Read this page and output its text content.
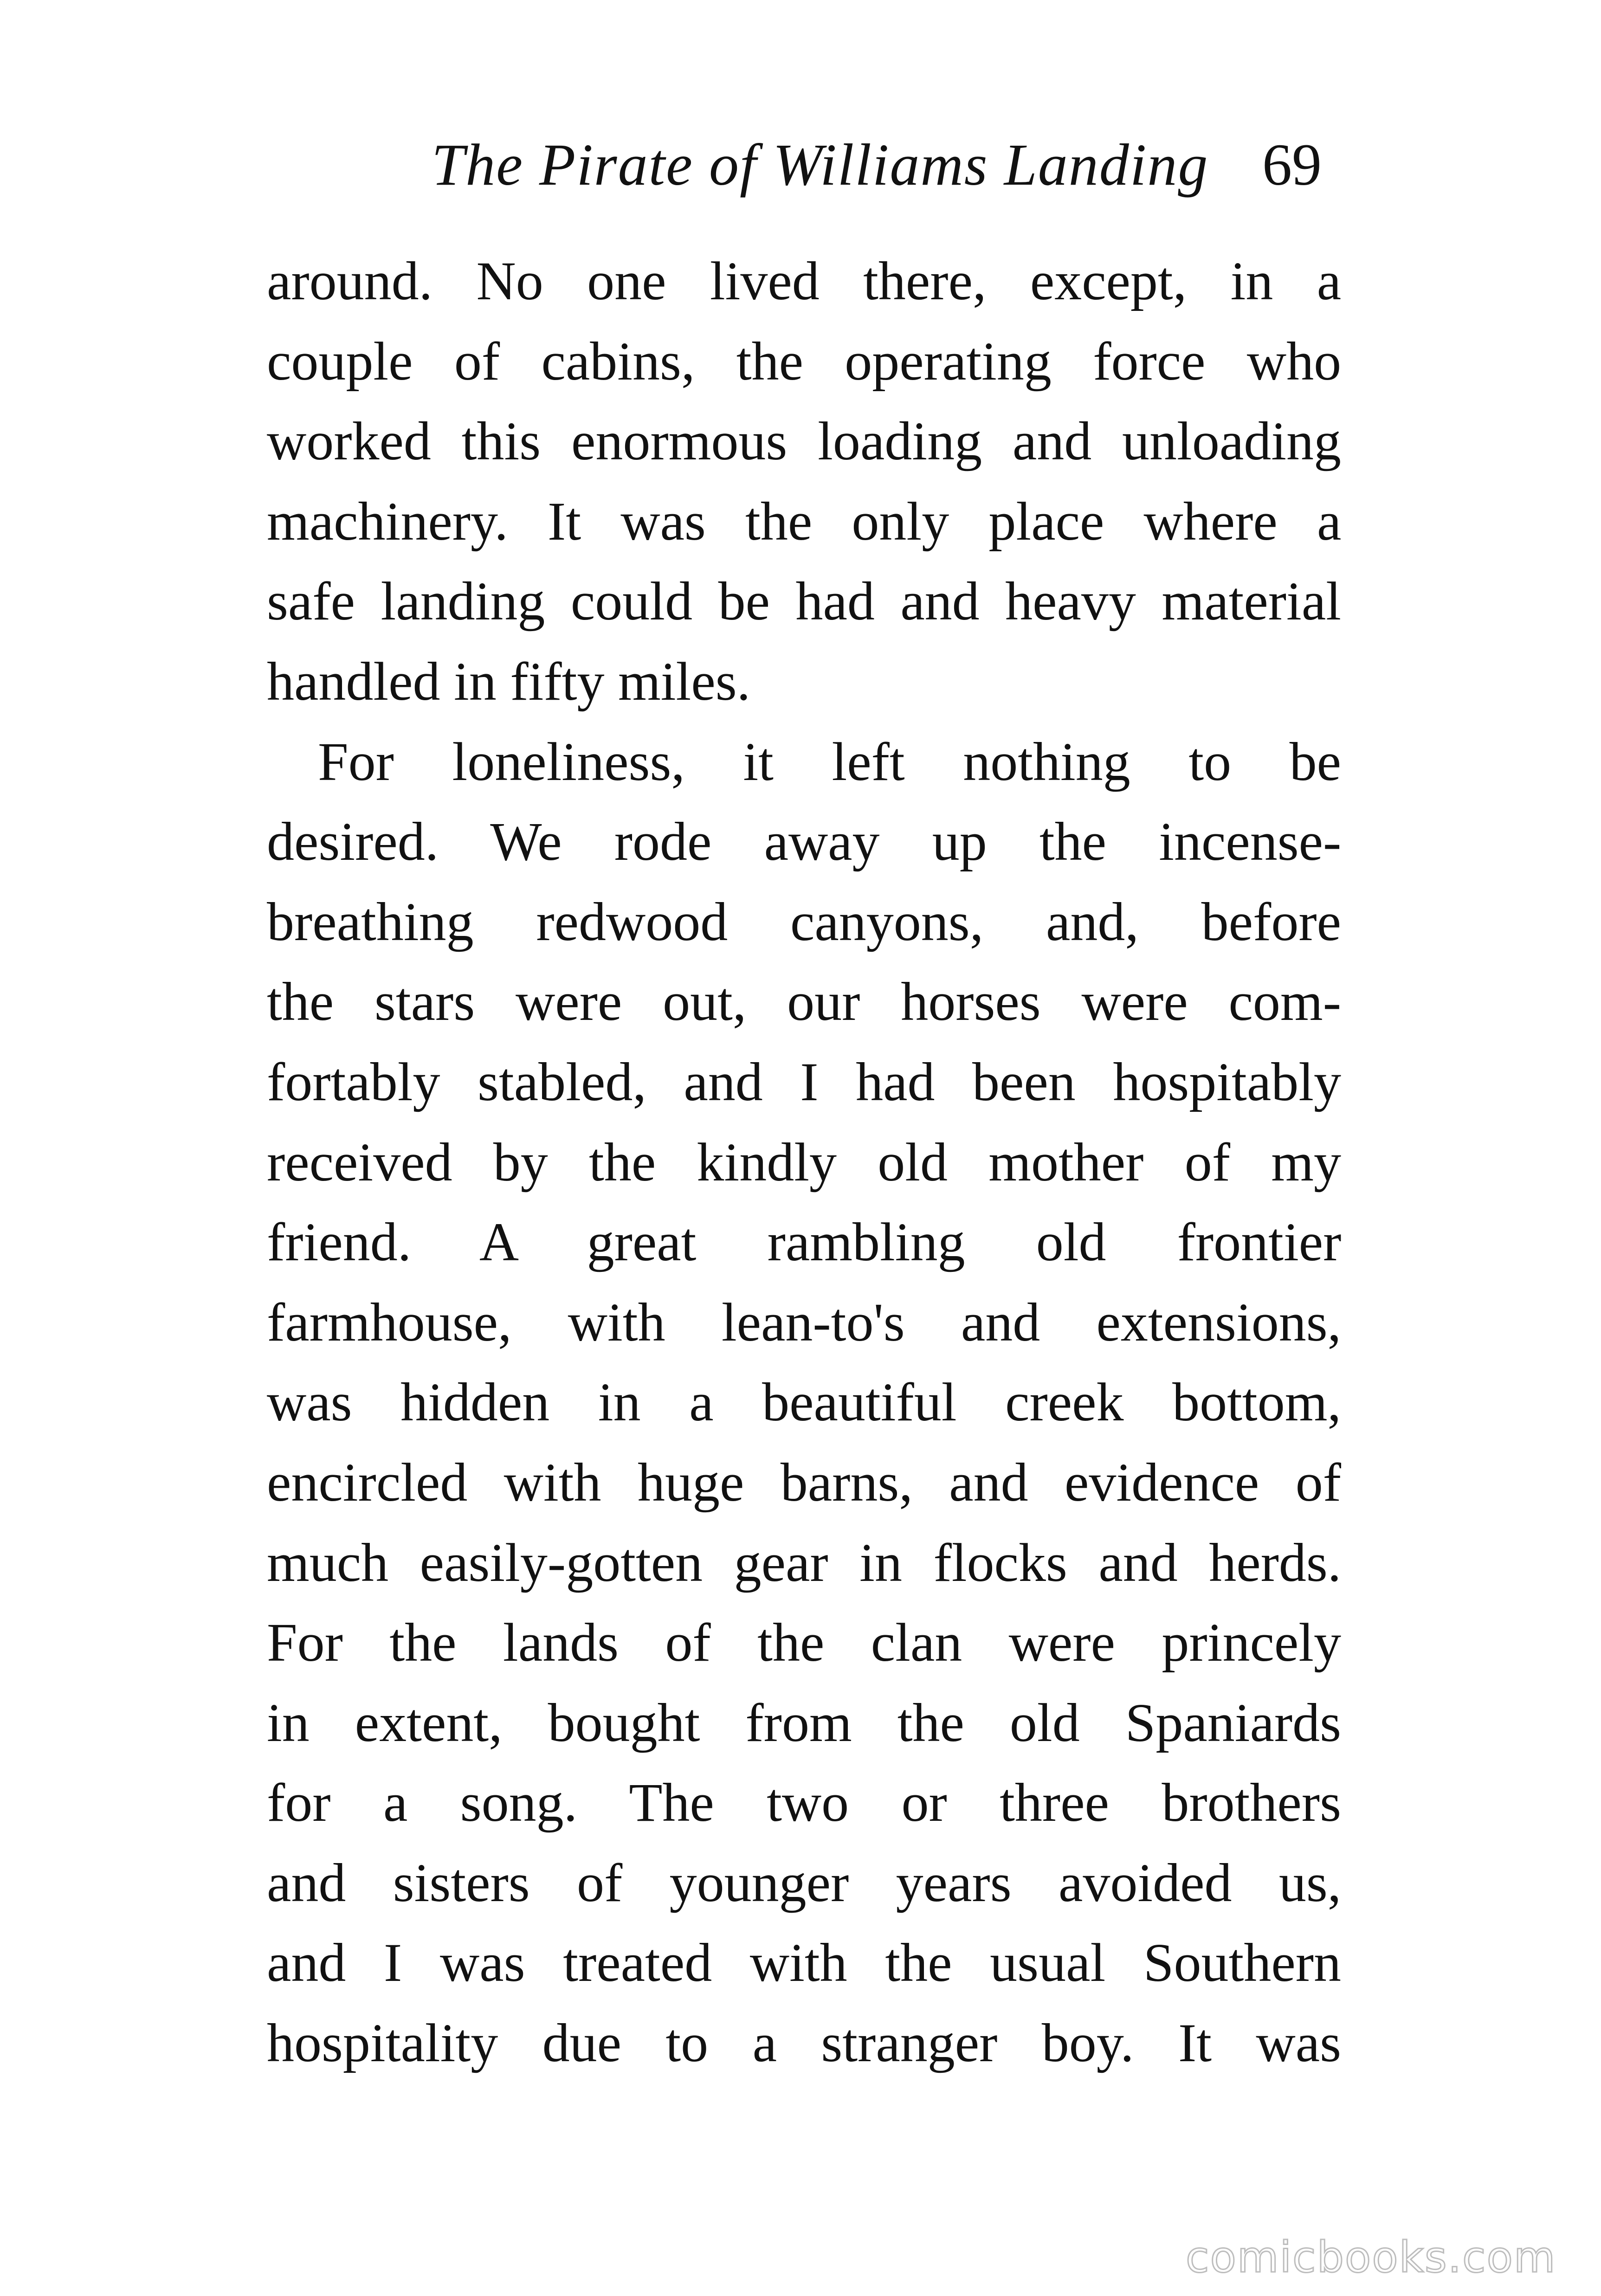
The Pirate of Williams Landing 69
around. No one lived there, except, in a
couple of cabins, the operating force who
worked this enormous loading and unloading
machinery. It was the only place where a
safe landing could be had and heavy material
handled in fifty miles.
For loneliness, it left nothing to be
desired. We rode away up the incense-
breathing redwood canyons, and, before
the stars were out, our horses were com-
fortably stabled, and I had been hospitably
received by the kindly old mother of my
friend. A great rambling old frontier
farmhouse, with lean-to's and extensions,
was hidden in a beautiful creek bottom,
encircled with huge barns, and evidence of
much easily-gotten gear in flocks and herds.
For the lands of the clan were princely
in extent, bought from the old Spaniards
for a song. The two or three brothers
and sisters of younger years avoided us,
and I was treated with the usual Southern
hospitality due to a stranger boy. It was
comicbooks.com
